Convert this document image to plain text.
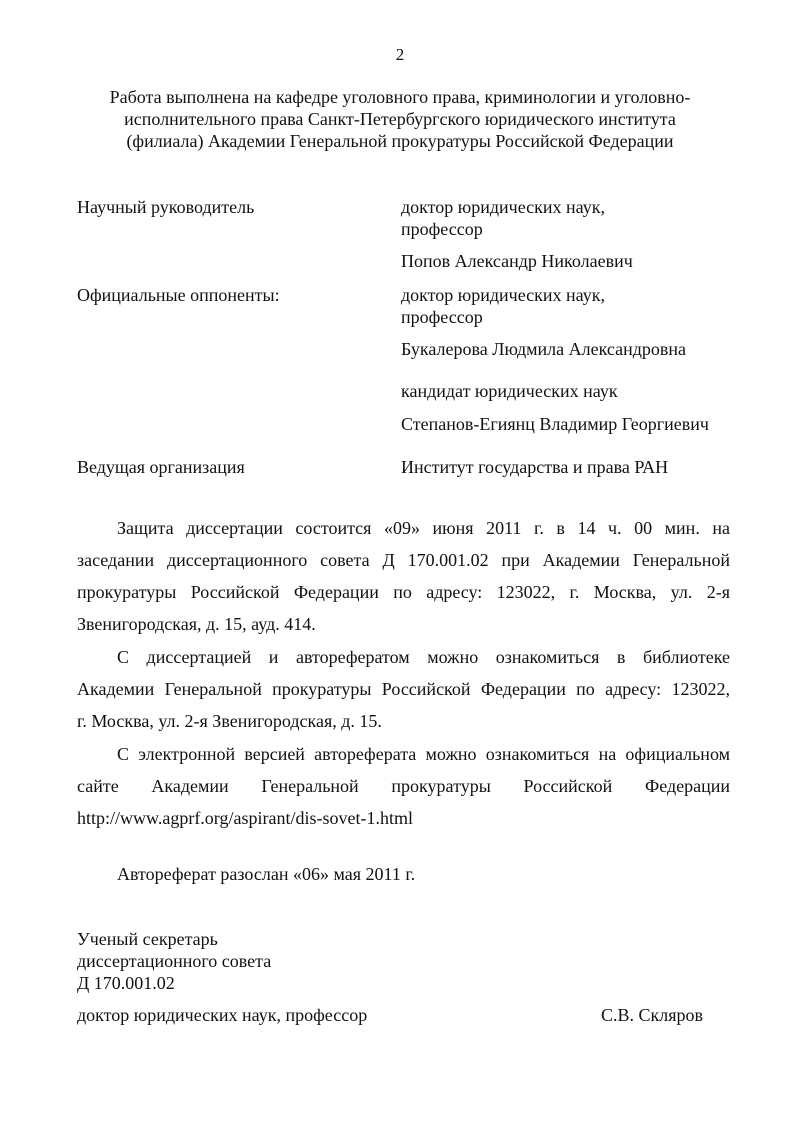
2
Работа выполнена на кафедре уголовного права, криминологии и уголовно-
исполнительного права Санкт-Петербургского юридического института
(филиала) Академии Генеральной прокуратуры Российской Федерации
Научный руководитель	доктор юридических наук,
профессор
Попов Александр Николаевич
Официальные оппоненты:	доктор юридических наук,
профессор
Букалерова Людмила Александровна
кандидат юридических наук
Степанов-Егиянц Владимир Георгиевич
Ведущая организация	Институт государства и права РАН
Защита диссертации состоится «09» июня 2011 г. в 14 ч. 00 мин. на
заседании диссертационного совета Д 170.001.02 при Академии Генеральной
прокуратуры Российской Федерации по адресу: 123022, г. Москва, ул. 2-я
Звенигородская, д. 15, ауд. 414.
С диссертацией и авторефератом можно ознакомиться в библиотеке
Академии Генеральной прокуратуры Российской Федерации по адресу: 123022,
г. Москва, ул. 2-я Звенигородская, д. 15.
С электронной версией автореферата можно ознакомиться на официальном
сайте Академии Генеральной прокуратуры Российской Федерации
http://www.agprf.org/aspirant/dis-sovet-1.html
Автореферат разослан «06» мая 2011 г.
Ученый секретарь
диссертационного совета
Д 170.001.02
доктор юридических наук, профессор	С.В. Скляров
